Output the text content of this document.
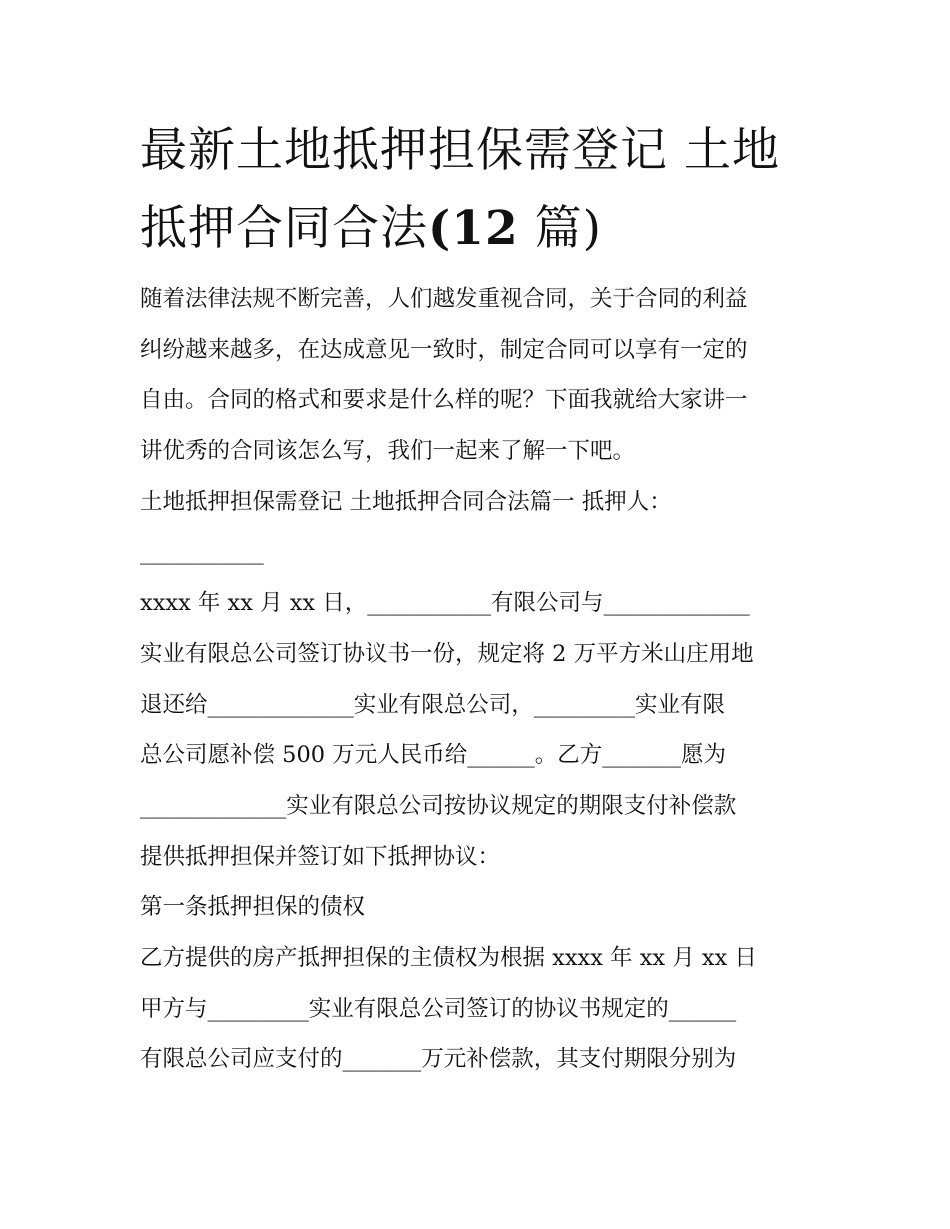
最新土地抵押担保需登记 土地
抵押合同合法(12 篇)
随着法律法规不断完善，人们越发重视合同，关于合同的利益
纠纷越来越多，在达成意见一致时，制定合同可以享有一定的
自由。合同的格式和要求是什么样的呢？下面我就给大家讲一
讲优秀的合同该怎么写，我们一起来了解一下吧。
土地抵押担保需登记 土地抵押合同合法篇一 抵押人：
___________
xxxx 年 xx 月 xx 日，___________有限公司与_____________
实业有限总公司签订协议书一份，规定将 2 万平方米山庄用地
退还给_____________实业有限总公司，_________实业有限
总公司愿补偿 500 万元人民币给______。乙方_______愿为
_____________实业有限总公司按协议规定的期限支付补偿款
提供抵押担保并签订如下抵押协议：
第一条抵押担保的债权
乙方提供的房产抵押担保的主债权为根据 xxxx 年 xx 月 xx 日
甲方与_________实业有限总公司签订的协议书规定的______
有限总公司应支付的_______万元补偿款，其支付期限分别为
